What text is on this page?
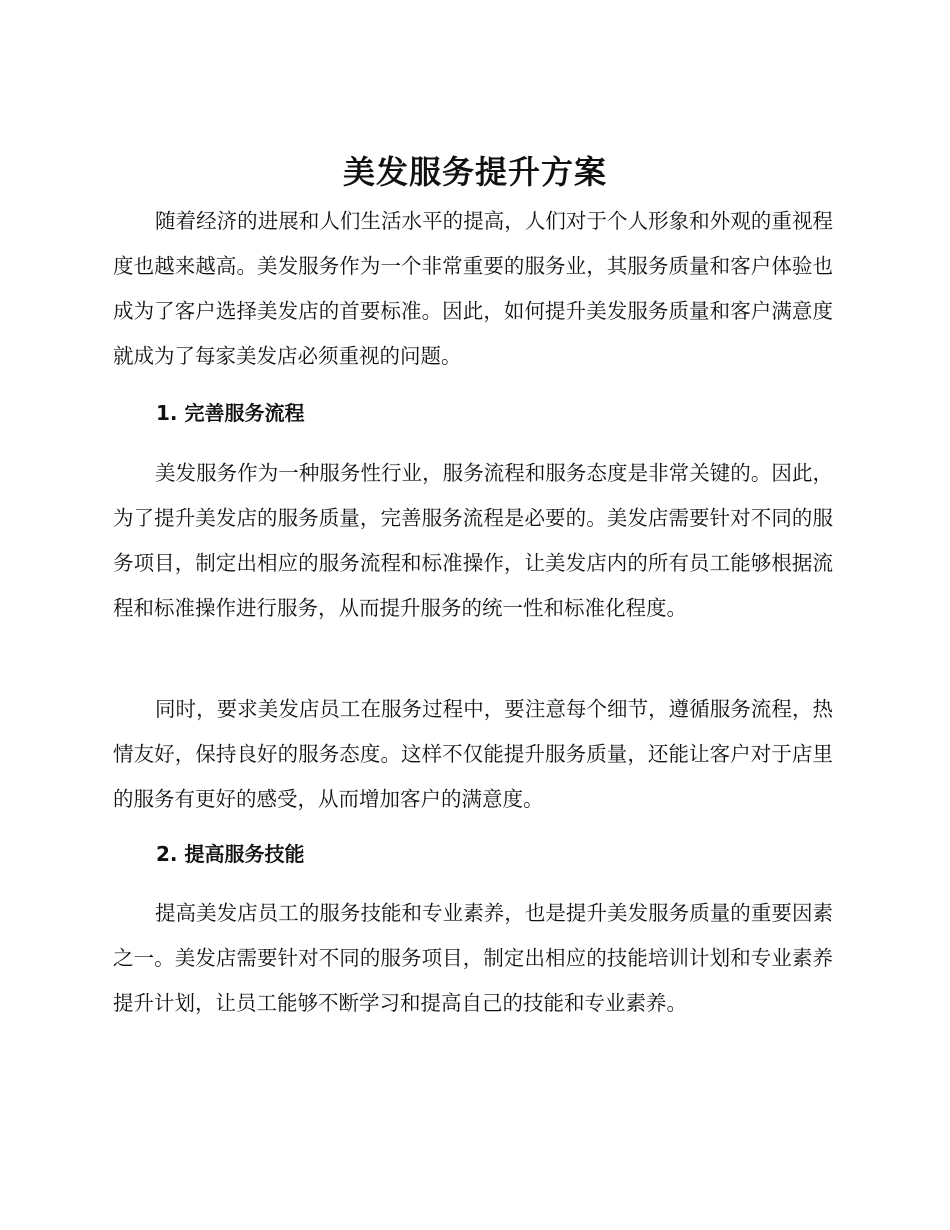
美发服务提升方案

随着经济的进展和人们生活水平的提高，人们对于个人形象和外观的重视程度也越来越高。美发服务作为一个非常重要的服务业，其服务质量和客户体验也成为了客户选择美发店的首要标准。因此，如何提升美发服务质量和客户满意度就成为了每家美发店必须重视的问题。

1. 完善服务流程

美发服务作为一种服务性行业，服务流程和服务态度是非常关键的。因此，为了提升美发店的服务质量，完善服务流程是必要的。美发店需要针对不同的服务项目，制定出相应的服务流程和标准操作，让美发店内的所有员工能够根据流程和标准操作进行服务，从而提升服务的统一性和标准化程度。

同时，要求美发店员工在服务过程中，要注意每个细节，遵循服务流程，热情友好，保持良好的服务态度。这样不仅能提升服务质量，还能让客户对于店里的服务有更好的感受，从而增加客户的满意度。

2. 提高服务技能

提高美发店员工的服务技能和专业素养，也是提升美发服务质量的重要因素之一。美发店需要针对不同的服务项目，制定出相应的技能培训计划和专业素养提升计划，让员工能够不断学习和提高自己的技能和专业素养。
